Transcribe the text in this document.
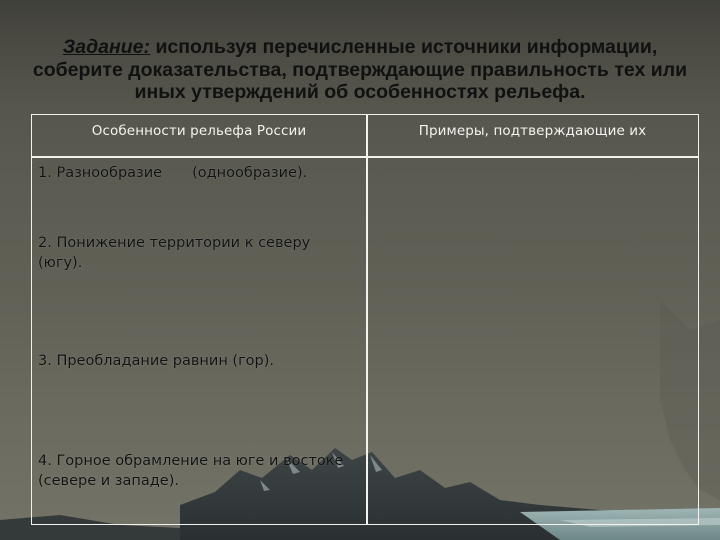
Задание: используя перечисленные источники информации, соберите доказательства, подтверждающие правильность тех или иных утверждений об особенностях рельефа.

Особенности рельефа России	Примеры, подтверждающие их
1. Разнообразие (однообразие).
2. Понижение территории к северу (югу).
3. Преобладание равнин (гор).
4. Горное обрамление на юге и востоке (севере и западе).
